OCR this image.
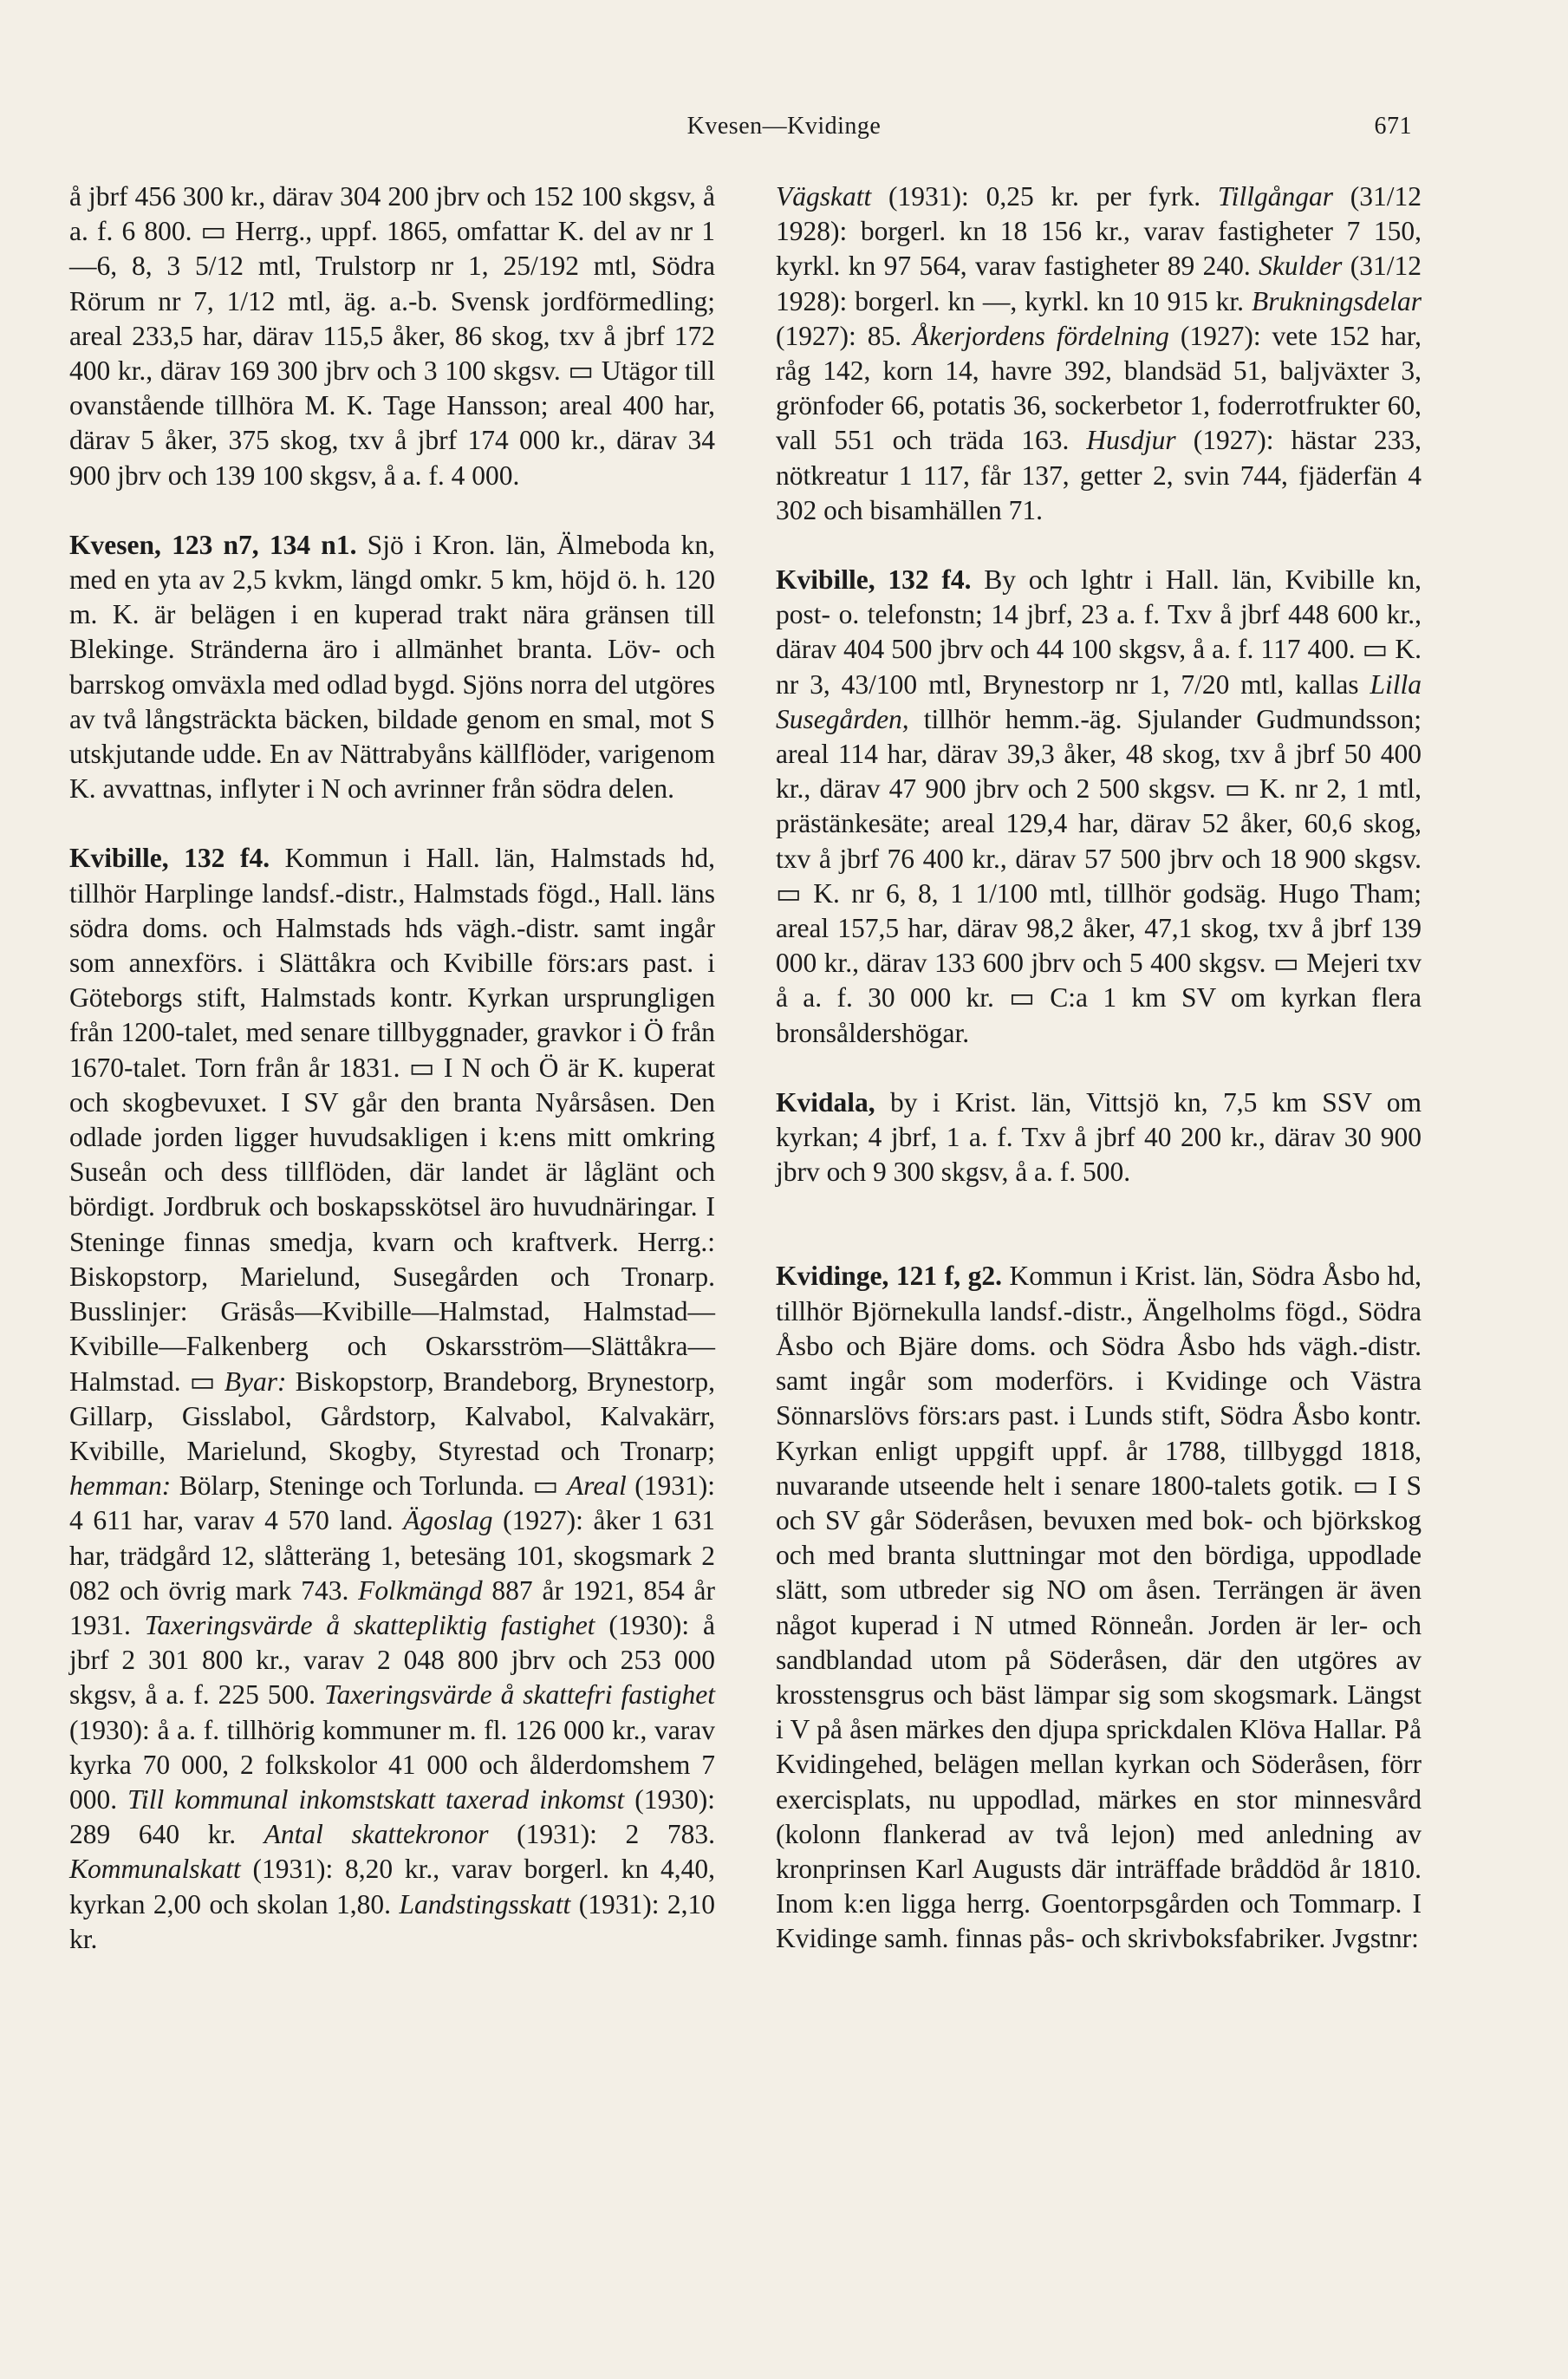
Kvesen—Kvidinge	671

å jbrf 456 300 kr., därav 304 200 jbrv och 152 100 skgsv, å a. f. 6 800. ▭ Herrg., uppf. 1865, omfattar K. del av nr 1—6, 8, 3 5/12 mtl, Trulstorp nr 1, 25/192 mtl, Södra Rörum nr 7, 1/12 mtl, äg. a.-b. Svensk jordförmedling; areal 233,5 har, därav 115,5 åker, 86 skog, txv å jbrf 172 400 kr., därav 169 300 jbrv och 3 100 skgsv. ▭ Utägor till ovanstående tillhöra M. K. Tage Hansson; areal 400 har, därav 5 åker, 375 skog, txv å jbrf 174 000 kr., därav 34 900 jbrv och 139 100 skgsv, å a. f. 4 000.

Kvesen, 123 n7, 134 n1. Sjö i Kron. län, Älmeboda kn, med en yta av 2,5 kvkm, längd omkr. 5 km, höjd ö. h. 120 m. K. är belägen i en kuperad trakt nära gränsen till Blekinge. Stränderna äro i allmänhet branta. Löv- och barrskog omväxla med odlad bygd. Sjöns norra del utgöres av två långsträckta bäcken, bildade genom en smal, mot S utskjutande udde. En av Nättrabyåns källflöder, varigenom K. avvattnas, inflyter i N och avrinner från södra delen.

Kvibille, 132 f4. Kommun i Hall. län, Halmstads hd, tillhör Harplinge landsf.-distr., Halmstads fögd., Hall. läns södra doms. och Halmstads hds vägh.-distr. samt ingår som annexförs. i Slättåkra och Kvibille förs:ars past. i Göteborgs stift, Halmstads kontr. Kyrkan ursprungligen från 1200-talet, med senare tillbyggnader, gravkor i Ö från 1670-talet. Torn från år 1831. ▭ I N och Ö är K. kuperat och skogbevuxet. I SV går den branta Nyårsåsen. Den odlade jorden ligger huvudsakligen i k:ens mitt omkring Suseån och dess tillflöden, där landet är låglänt och bördigt. Jordbruk och boskapsskötsel äro huvudnäringar. I Steninge finnas smedja, kvarn och kraftverk. Herrg.: Biskopstorp, Marielund, Susegården och Tronarp. Busslinjer: Gräsås—Kvibille—Halmstad, Halmstad—Kvibille—Falkenberg och Oskarsström—Slättåkra—Halmstad. ▭ Byar: Biskopstorp, Brandeborg, Brynestorp, Gillarp, Gisslabol, Gårdstorp, Kalvabol, Kalvakärr, Kvibille, Marielund, Skogby, Styrestad och Tronarp; hemman: Bölarp, Steninge och Torlunda. ▭ Areal (1931): 4 611 har, varav 4 570 land. Ägoslag (1927): åker 1 631 har, trädgård 12, slåtteräng 1, betesäng 101, skogsmark 2 082 och övrig mark 743. Folkmängd 887 år 1921, 854 år 1931. Taxeringsvärde å skattepliktig fastighet (1930): å jbrf 2 301 800 kr., varav 2 048 800 jbrv och 253 000 skgsv, å a. f. 225 500. Taxeringsvärde å skattefri fastighet (1930): å a. f. tillhörig kommuner m. fl. 126 000 kr., varav kyrka 70 000, 2 folkskolor 41 000 och ålderdomshem 7 000. Till kommunal inkomstskatt taxerad inkomst (1930): 289 640 kr. Antal skattekronor (1931): 2 783. Kommunalskatt (1931): 8,20 kr., varav borgerl. kn 4,40, kyrkan 2,00 och skolan 1,80. Landstingsskatt (1931): 2,10 kr.

Vägskatt (1931): 0,25 kr. per fyrk. Tillgångar (31/12 1928): borgerl. kn 18 156 kr., varav fastigheter 7 150, kyrkl. kn 97 564, varav fastigheter 89 240. Skulder (31/12 1928): borgerl. kn —, kyrkl. kn 10 915 kr. Brukningsdelar (1927): 85. Åkerjordens fördelning (1927): vete 152 har, råg 142, korn 14, havre 392, blandsäd 51, baljväxter 3, grönfoder 66, potatis 36, sockerbetor 1, foderrotfrukter 60, vall 551 och träda 163. Husdjur (1927): hästar 233, nötkreatur 1 117, får 137, getter 2, svin 744, fjäderfän 4 302 och bisamhällen 71.

Kvibille, 132 f4. By och lghtr i Hall. län, Kvibille kn, post- o. telefonstn; 14 jbrf, 23 a. f. Txv å jbrf 448 600 kr., därav 404 500 jbrv och 44 100 skgsv, å a. f. 117 400. ▭ K. nr 3, 43/100 mtl, Brynestorp nr 1, 7/20 mtl, kallas Lilla Susegården, tillhör hemm.-äg. Sjulander Gudmundsson; areal 114 har, därav 39,3 åker, 48 skog, txv å jbrf 50 400 kr., därav 47 900 jbrv och 2 500 skgsv. ▭ K. nr 2, 1 mtl, prästänkesäte; areal 129,4 har, därav 52 åker, 60,6 skog, txv å jbrf 76 400 kr., därav 57 500 jbrv och 18 900 skgsv. ▭ K. nr 6, 8, 1 1/100 mtl, tillhör godsäg. Hugo Tham; areal 157,5 har, därav 98,2 åker, 47,1 skog, txv å jbrf 139 000 kr., därav 133 600 jbrv och 5 400 skgsv. ▭ Mejeri txv å a. f. 30 000 kr. ▭ C:a 1 km SV om kyrkan flera bronsåldershögar.

Kvidala, by i Krist. län, Vittsjö kn, 7,5 km SSV om kyrkan; 4 jbrf, 1 a. f. Txv å jbrf 40 200 kr., därav 30 900 jbrv och 9 300 skgsv, å a. f. 500.

Kvidinge, 121 f, g2. Kommun i Krist. län, Södra Åsbo hd, tillhör Björnekulla landsf.-distr., Ängelholms fögd., Södra Åsbo och Bjäre doms. och Södra Åsbo hds vägh.-distr. samt ingår som moderförs. i Kvidinge och Västra Sönnarslövs förs:ars past. i Lunds stift, Södra Åsbo kontr. Kyrkan enligt uppgift uppf. år 1788, tillbyggd 1818, nuvarande utseende helt i senare 1800-talets gotik. ▭ I S och SV går Söderåsen, bevuxen med bok- och björkskog och med branta sluttningar mot den bördiga, uppodlade slätt, som utbreder sig NO om åsen. Terrängen är även något kuperad i N utmed Rönneån. Jorden är ler- och sandblandad utom på Söderåsen, där den utgöres av krosstensgrus och bäst lämpar sig som skogsmark. Längst i V på åsen märkes den djupa sprickdalen Klöva Hallar. På Kvidingehed, belägen mellan kyrkan och Söderåsen, förr exercisplats, nu uppodlad, märkes en stor minnesvård (kolonn flankerad av två lejon) med anledning av kronprinsen Karl Augusts där inträffade bråddöd år 1810. Inom k:en ligga herrg. Goentorpsgården och Tommarp. I Kvidinge samh. finnas pås- och skrivboksfabriker. Jvgstnr:
